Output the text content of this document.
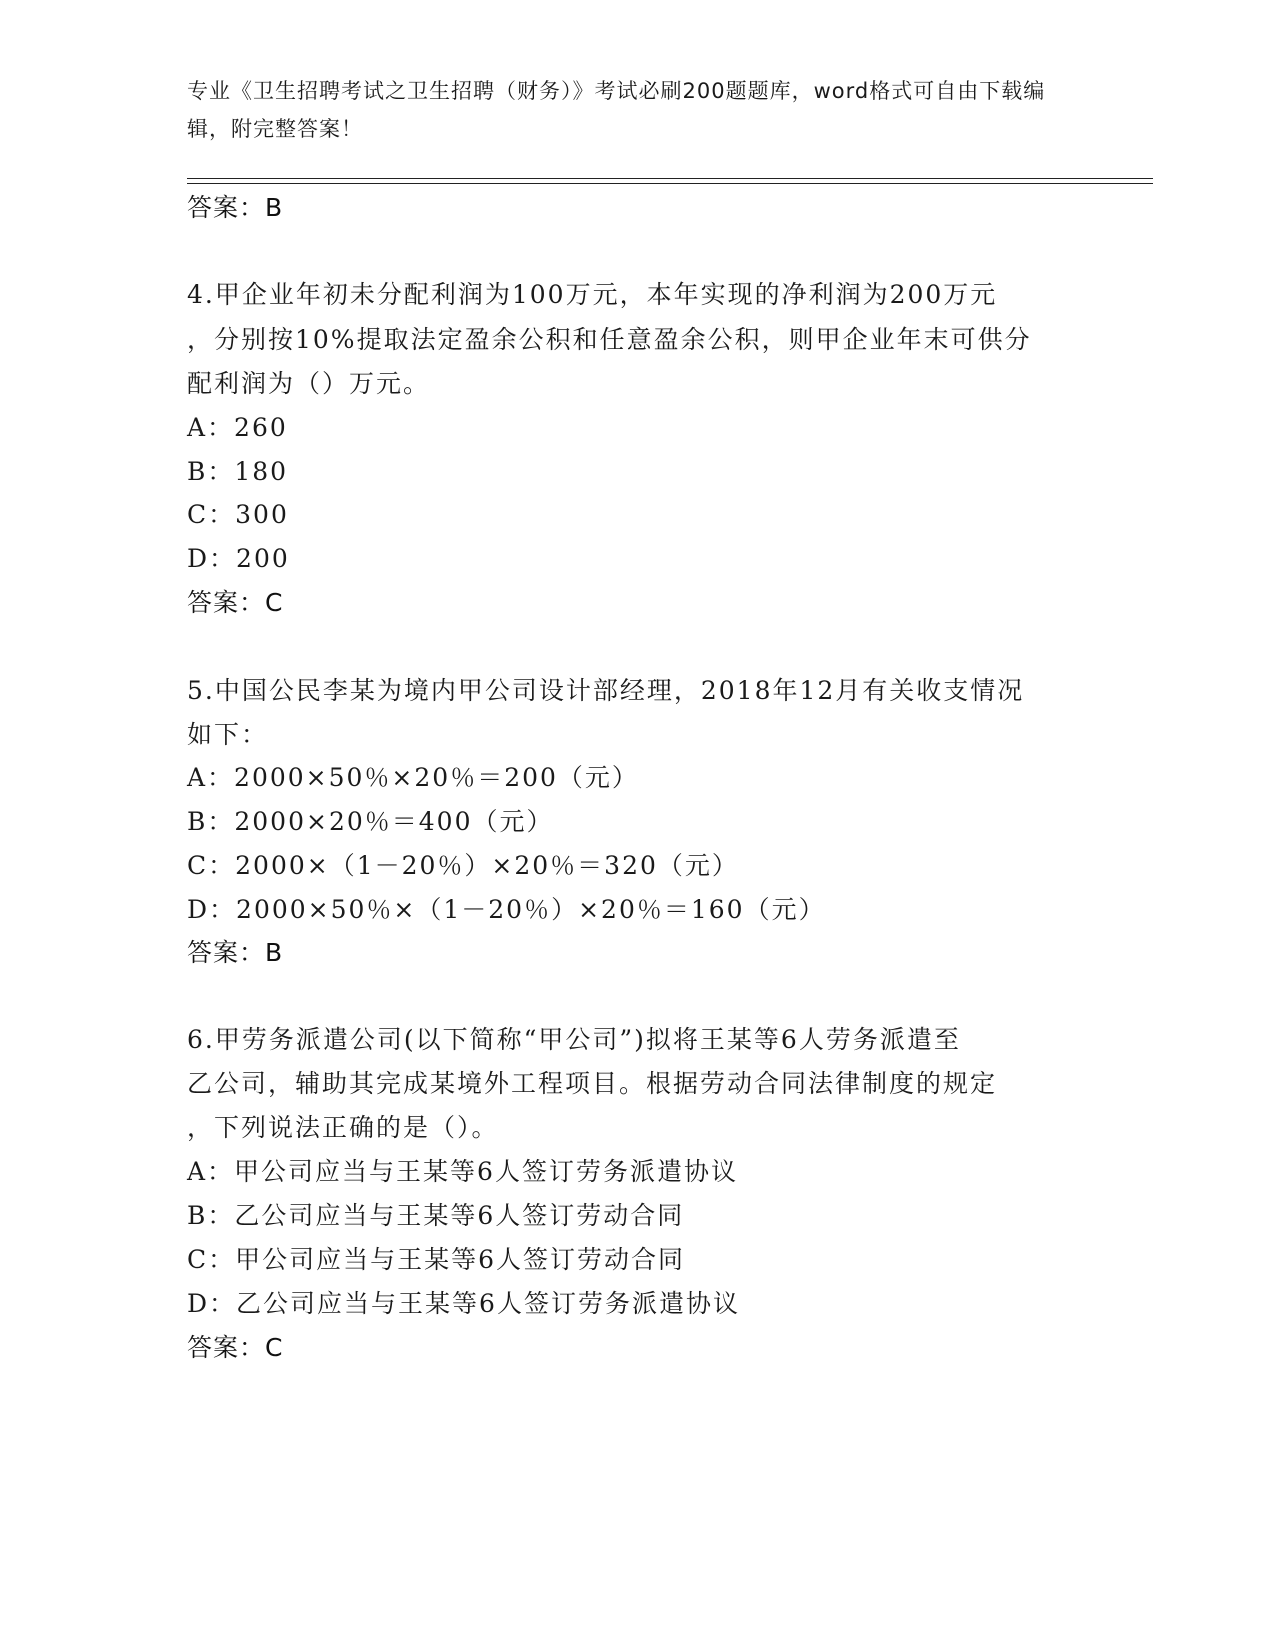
专业《卫生招聘考试之卫生招聘（财务）》考试必刷200题题库，word格式可自由下载编辑，附完整答案！
答案：B
4.甲企业年初未分配利润为100万元，本年实现的净利润为200万元
，分别按10%提取法定盈余公积和任意盈余公积，则甲企业年末可供分
配利润为（）万元。
A：260
B：180
C：300
D：200
答案：C
5.中国公民李某为境内甲公司设计部经理，2018年12月有关收支情况
如下：
A：2000×50％×20％＝200（元）
B：2000×20％＝400（元）
C：2000×（1－20％）×20％＝320（元）
D：2000×50％×（1－20％）×20％＝160（元）
答案：B
6.甲劳务派遣公司(以下简称“甲公司”)拟将王某等6人劳务派遣至
乙公司，辅助其完成某境外工程项目。根据劳动合同法律制度的规定
，下列说法正确的是（）。
A：甲公司应当与王某等6人签订劳务派遣协议
B：乙公司应当与王某等6人签订劳动合同
C：甲公司应当与王某等6人签订劳动合同
D：乙公司应当与王某等6人签订劳务派遣协议
答案：C
